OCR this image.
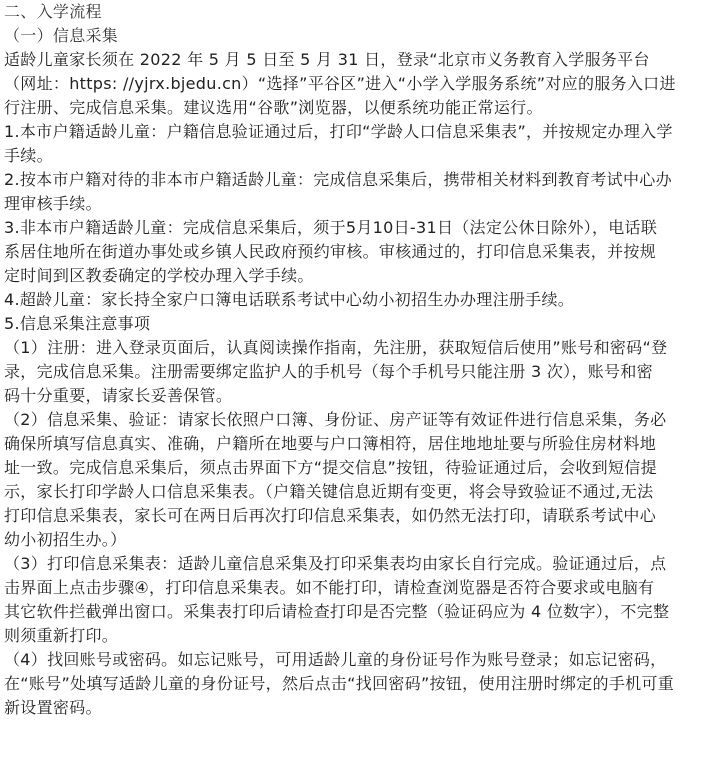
二、入学流程
（一）信息采集
适龄儿童家长须在 2022 年 5 月 5 日至 5 月 31 日，登录“北京市义务教育入学服务平台
（网址：https: //yjrx.bjedu.cn）“选择”平谷区”进入“小学入学服务系统”对应的服务入口进
行注册、完成信息采集。建议选用“谷歌”浏览器，以便系统功能正常运行。
1.本市户籍适龄儿童：户籍信息验证通过后，打印“学龄人口信息采集表”，并按规定办理入学
手续。
2.按本市户籍对待的非本市户籍适龄儿童：完成信息采集后，携带相关材料到教育考试中心办
理审核手续。
3.非本市户籍适龄儿童：完成信息采集后，须于5月10日-31日（法定公休日除外），电话联
系居住地所在街道办事处或乡镇人民政府预约审核。审核通过的，打印信息采集表，并按规
定时间到区教委确定的学校办理入学手续。
4.超龄儿童：家长持全家户口簿电话联系考试中心幼小初招生办办理注册手续。
5.信息采集注意事项
（1）注册：进入登录页面后，认真阅读操作指南，先注册，获取短信后使用”账号和密码“登
录，完成信息采集。注册需要绑定监护人的手机号（每个手机号只能注册 3 次），账号和密
码十分重要，请家长妥善保管。
（2）信息采集、验证：请家长依照户口簿、身份证、房产证等有效证件进行信息采集，务必
确保所填写信息真实、准确，户籍所在地要与户口簿相符，居住地地址要与所验住房材料地
址一致。完成信息采集后，须点击界面下方“提交信息”按钮，待验证通过后，会收到短信提
示，家长打印学龄人口信息采集表。（户籍关键信息近期有变更，将会导致验证不通过,无法
打印信息采集表，家长可在两日后再次打印信息采集表，如仍然无法打印，请联系考试中心
幼小初招生办。）
（3）打印信息采集表：适龄儿童信息采集及打印采集表均由家长自行完成。验证通过后，点
击界面上点击步骤④，打印信息采集表。如不能打印，请检查浏览器是否符合要求或电脑有
其它软件拦截弹出窗口。采集表打印后请检查打印是否完整（验证码应为 4 位数字），不完整
则须重新打印。
（4）找回账号或密码。如忘记账号，可用适龄儿童的身份证号作为账号登录；如忘记密码，
在“账号”处填写适龄儿童的身份证号，然后点击“找回密码”按钮，使用注册时绑定的手机可重
新设置密码。
